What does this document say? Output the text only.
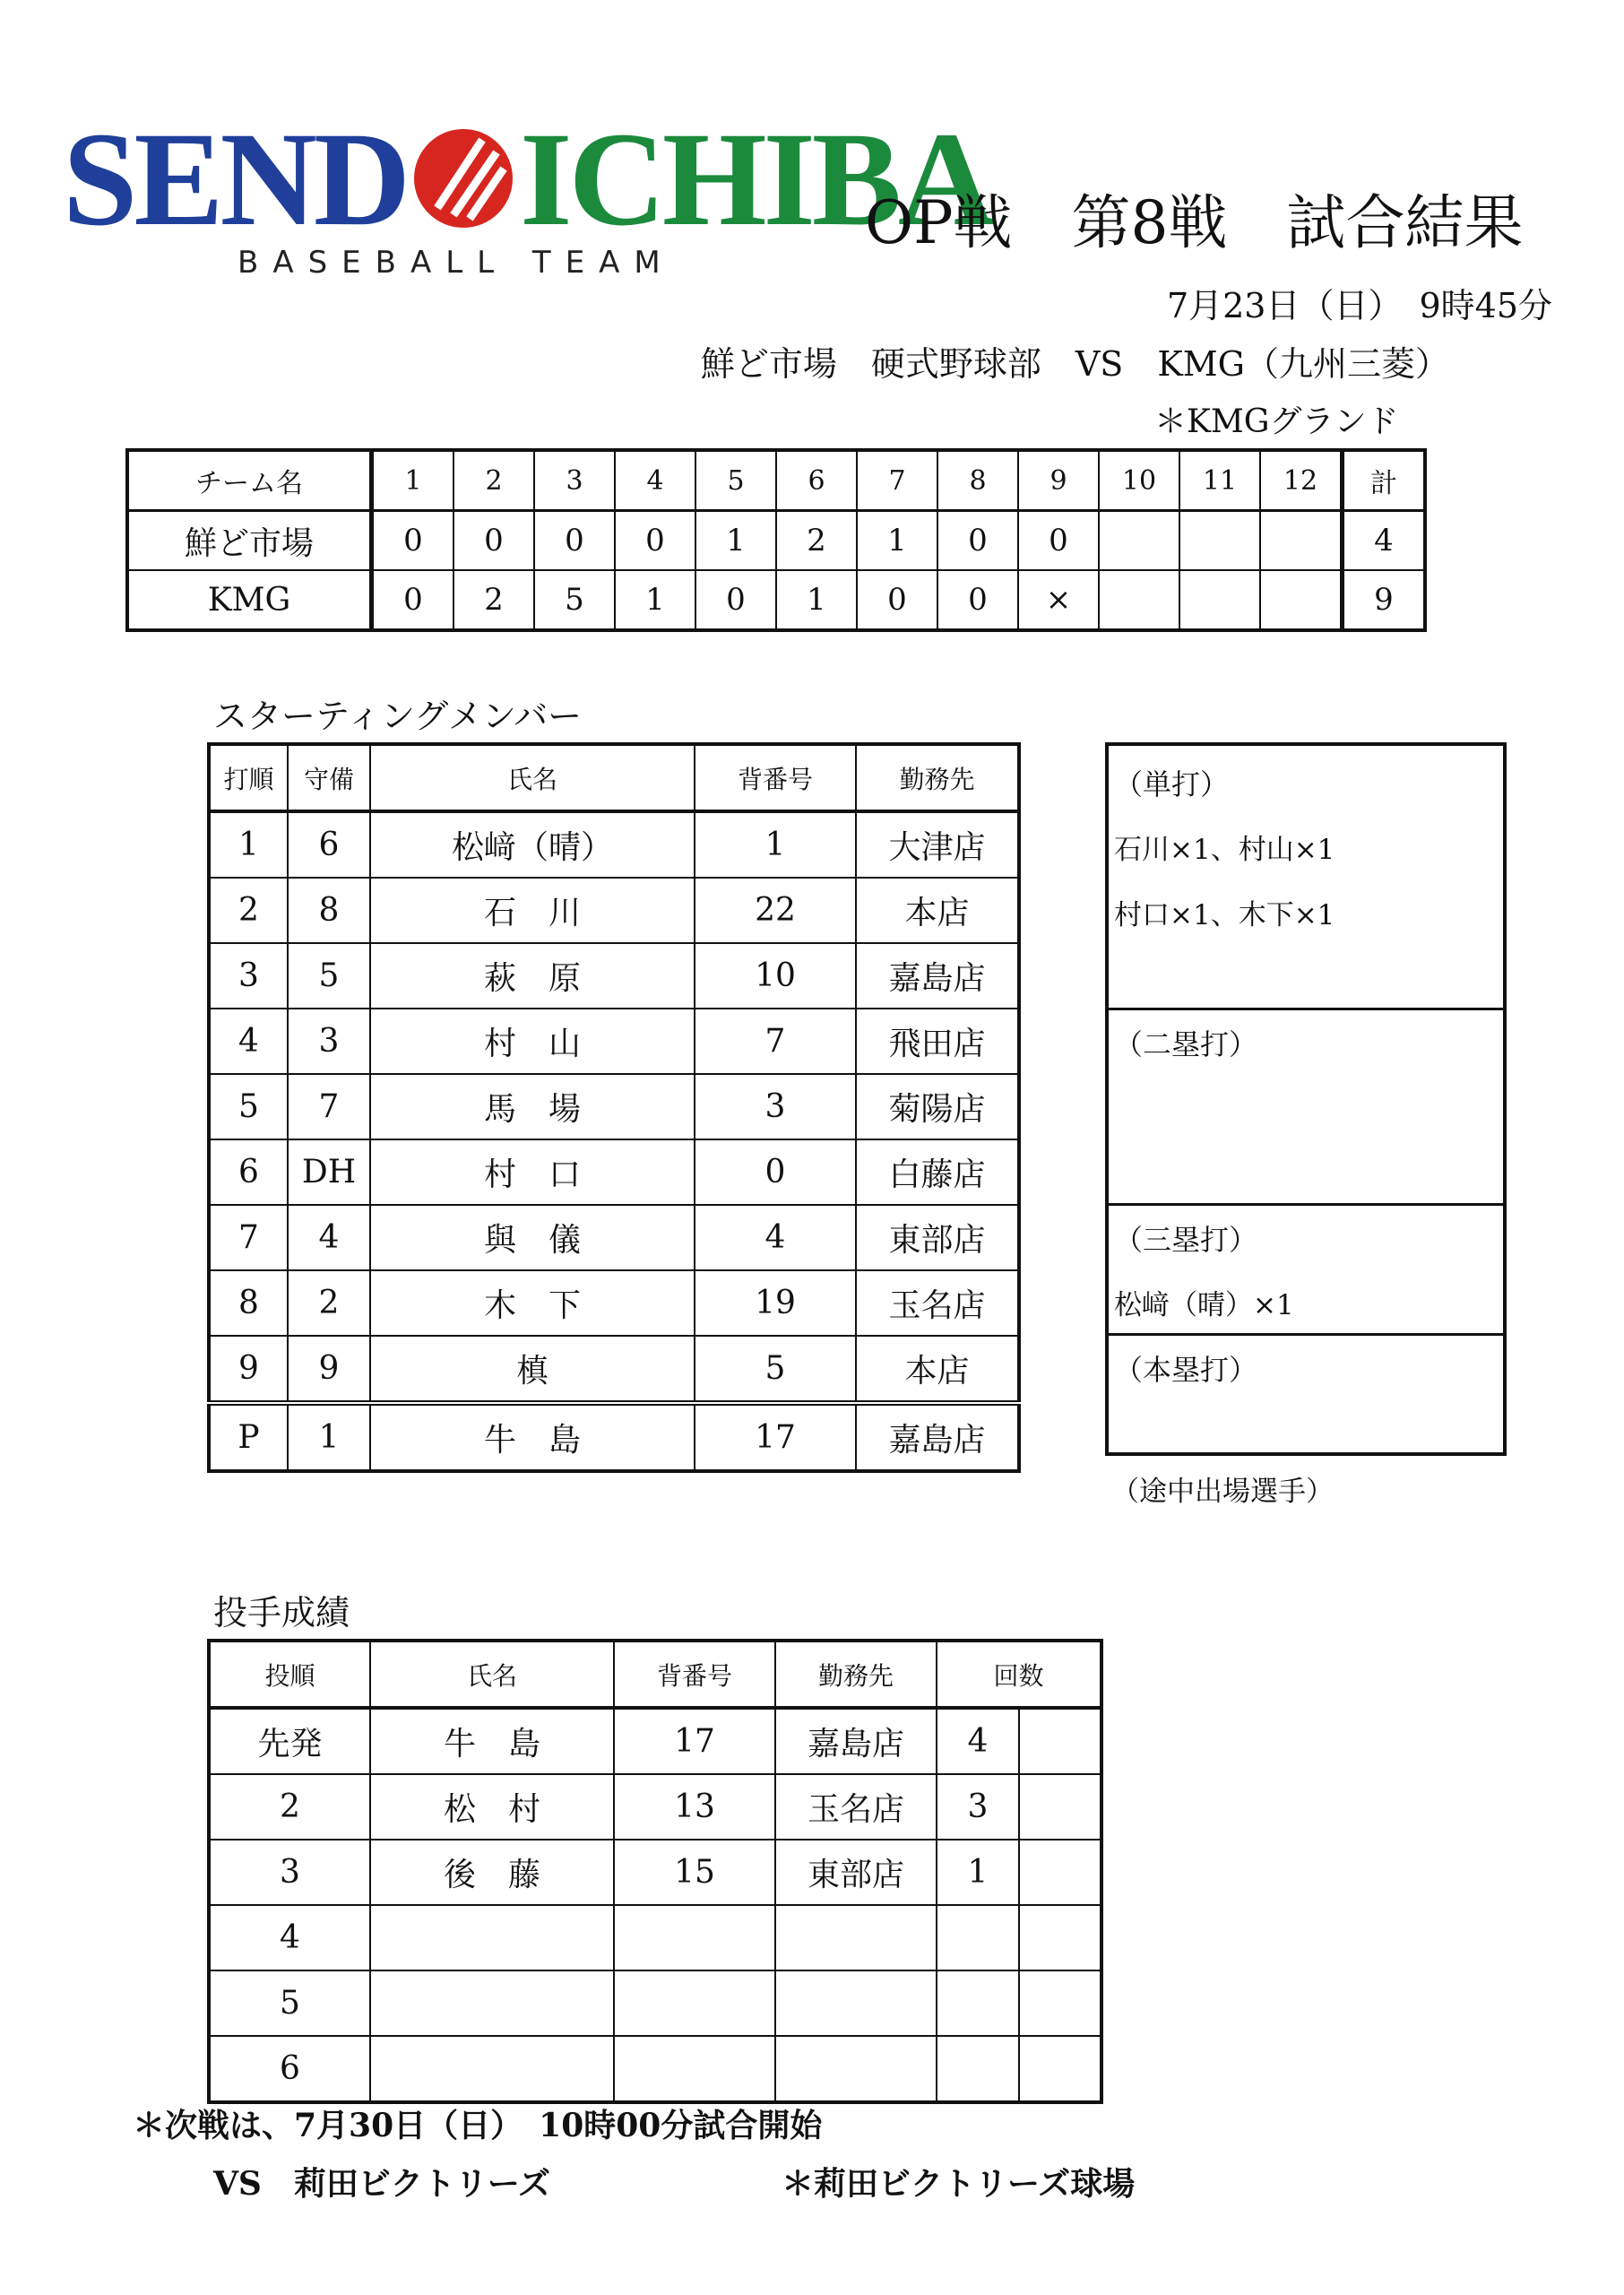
SEND ICHIBA
BASEBALL TEAM
OP戦　第8戦　試合結果
7月23日（日）　9時45分
鮮ど市場　硬式野球部　VS　KMG（九州三菱）
＊KMGグランド
チーム名	1	2	3	4	5	6	7	8	9	10	11	12	計
鮮ど市場	0	0	0	0	1	2	1	0	0				4
KMG	0	2	5	1	0	1	0	0	×				9
スターティングメンバー
打順	守備	氏名	背番号	勤務先
1	6	松﨑（晴）	1	大津店
2	8	石　川	22	本店
3	5	萩　原	10	嘉島店
4	3	村　山	7	飛田店
5	7	馬　場	3	菊陽店
6	DH	村　口	0	白藤店
7	4	與　儀	4	東部店
8	2	木　下	19	玉名店
9	9	槙	5	本店
P	1	牛　島	17	嘉島店
（単打）
石川×1、村山×1
村口×1、木下×1
（二塁打）
（三塁打）
松﨑（晴）×1
（本塁打）
（途中出場選手）
投手成績
投順	氏名	背番号	勤務先	回数	
先発	牛　島	17	嘉島店	4	
2	松　村	13	玉名店	3	
3	後　藤	15	東部店	1	
4					
5					
6					
＊次戦は、7月30日（日）　10時00分試合開始
VS　莉田ビクトリーズ	＊莉田ビクトリーズ球場
